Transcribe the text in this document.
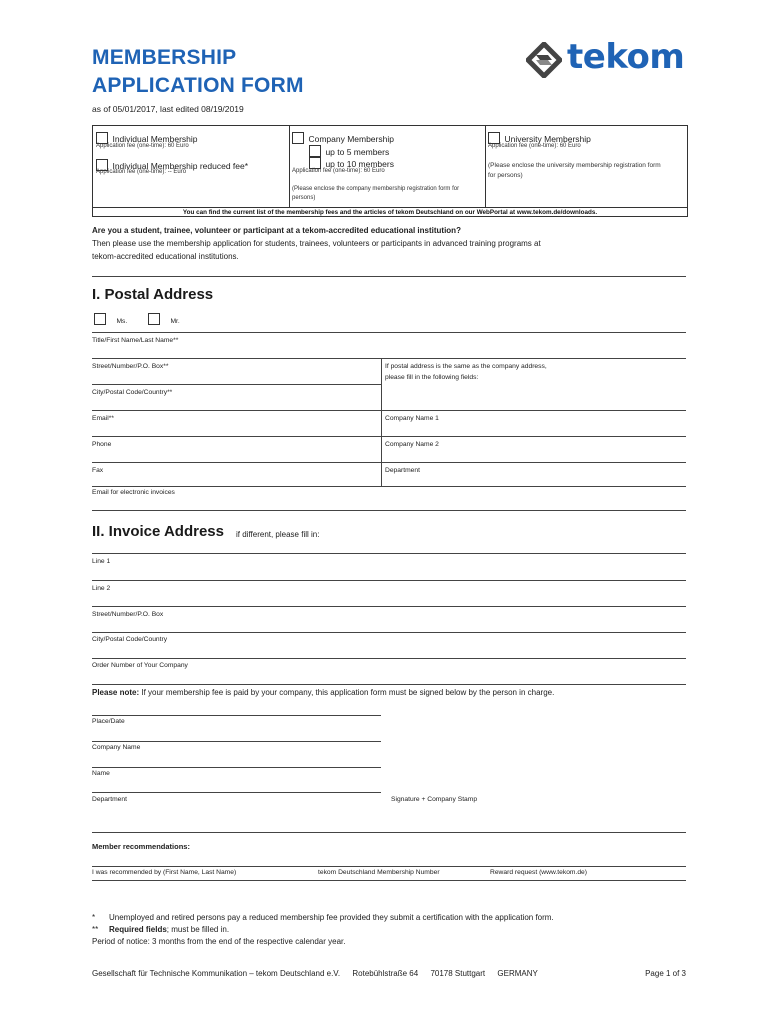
MEMBERSHIP
APPLICATION FORM
as of 05/01/2017, last edited 08/19/2019
tekom
Individual Membership
Application fee (one-time): 60 Euro
Individual Membership reduced fee*
Application fee (one-time): -- Euro
Company Membership
up to 5 members
up to 10 members
Application fee (one-time): 60 Euro
(Please enclose the company membership registration form for persons)
University Membership
Application fee (one-time): 60 Euro
(Please enclose the university membership registration form for persons)
You can find the current list of the membership fees and the articles of tekom Deutschland on our WebPortal at www.tekom.de/downloads.
Are you a student, trainee, volunteer or participant at a tekom-accredited educational institution?
Then please use the membership application for students, trainees, volunteers or participants in advanced training programs at
tekom-accredited educational institutions.
I. Postal Address
Ms.	Mr.
Title/First Name/Last Name**
Street/Number/P.O. Box**	If postal address is the same as the company address,
please fill in the following fields:
City/Postal Code/Country**
Email**	Company Name 1
Phone	Company Name 2
Fax	Department
Email for electronic invoices
II. Invoice Address if different, please fill in:
Line 1
Line 2
Street/Number/P.O. Box
City/Postal Code/Country
Order Number of Your Company
Please note: If your membership fee is paid by your company, this application form must be signed below by the person in charge.
Place/Date
Company Name
Name
Department	Signature + Company Stamp
Member recommendations:
I was recommended by (First Name, Last Name)	tekom Deutschland Membership Number	Reward request (www.tekom.de)
* Unemployed and retired persons pay a reduced membership fee provided they submit a certification with the application form.
** Required fields; must be filled in.
Period of notice: 3 months from the end of the respective calendar year.
Gesellschaft für Technische Kommunikation – tekom Deutschland e.V. Rotebühlstraße 64 70178 Stuttgart GERMANY	Page 1 of 3
